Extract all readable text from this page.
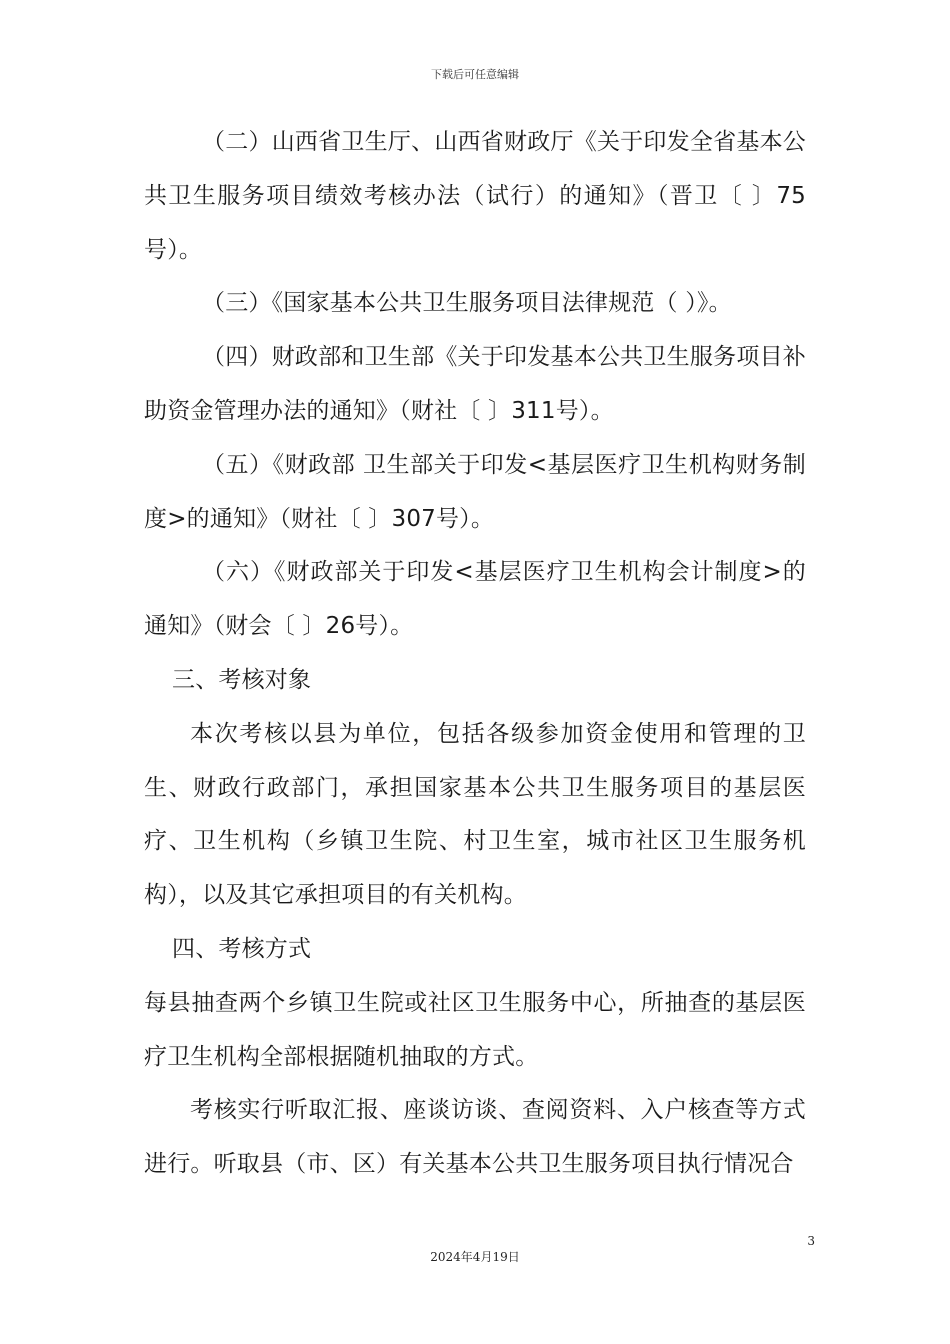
下载后可任意编辑

（二）山西省卫生厅、山西省财政厅《关于印发全省基本公共卫生服务项目绩效考核办法（试行）的通知》（晋卫〔 〕75号）。

（三）《国家基本公共卫生服务项目法律规范（ ）》。

（四）财政部和卫生部《关于印发基本公共卫生服务项目补助资金管理办法的通知》（财社〔 〕311号）。

（五）《财政部 卫生部关于印发<基层医疗卫生机构财务制度>的通知》（财社〔 〕307号）。

（六）《财政部关于印发<基层医疗卫生机构会计制度>的通知》（财会〔 〕26号）。

三、考核对象

本次考核以县为单位，包括各级参加资金使用和管理的卫生、财政行政部门，承担国家基本公共卫生服务项目的基层医疗、卫生机构（乡镇卫生院、村卫生室，城市社区卫生服务机构），以及其它承担项目的有关机构。

四、考核方式

每县抽查两个乡镇卫生院或社区卫生服务中心，所抽查的基层医疗卫生机构全部根据随机抽取的方式。

考核实行听取汇报、座谈访谈、查阅资料、入户核查等方式进行。听取县（市、区）有关基本公共卫生服务项目执行情况合

3
2024年4月19日
